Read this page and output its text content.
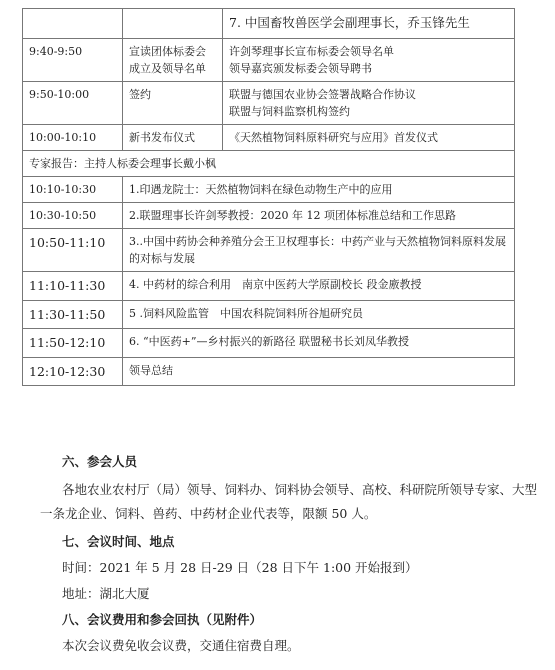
		7. 中国畜牧兽医学会副理事长，乔玉锋先生

9:40-9:50	宣读团体标委会成立及领导名单	许剑琴理事长宣布标委会领导名单
领导嘉宾颁发标委会领导聘书

9:50-10:00	签约	联盟与德国农业协会签署战略合作协议
联盟与饲料监察机构签约

10:00-10:10	新书发布仪式	《天然植物饲料原料研究与应用》首发仪式
专家报告：主持人标委会理事长戴小枫		
10:10-10:30	1.印遇龙院士：天然植物饲料在绿色动物生产中的应用	
10:30-10:50	2.联盟理事长许剑琴教授：2020 年 12 项团体标准总结和工作思路	
10:50-11:10	3..中国中药协会种养殖分会王卫权理事长：中药产业与天然植物饲料原料发展的对标与发展	
11:10-11:30	4. 中药材的综合利用　南京中医药大学原副校长 段金廒教授	
11:30-11:50	5 .饲料风险监管　中国农科院饲料所谷旭研究员	
11:50-12:10	6. “中医药+”—乡村振兴的新路径 联盟秘书长刘凤华教授	
12:10-12:30	领导总结	
六、参会人员
各地农业农村厅（局）领导、饲料办、饲料协会领导、高校、科研院所领导专家、大型一条龙企业、饲料、兽药、中药材企业代表等，限额 50 人。
七、会议时间、地点
时间：2021 年 5 月 28 日-29 日（28 日下午 1:00 开始报到）
地址：湖北大厦
八、会议费用和参会回执（见附件）
本次会议费免收会议费，交通住宿费自理。
